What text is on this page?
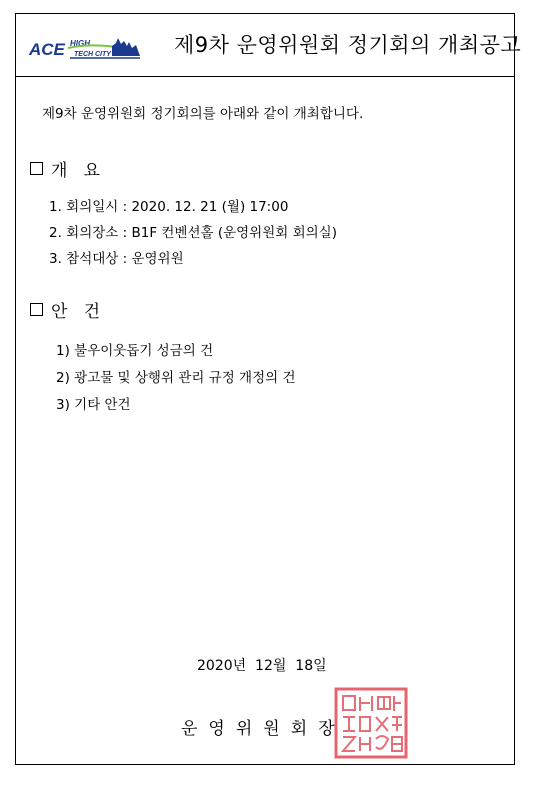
ACE HIGH
TECH CITY	제9차 운영위원회 정기회의 개최공고
제9차 운영위원회 정기회의를 아래와 같이 개최합니다.
개   요
1. 회의일시 : 2020. 12. 21 (월) 17:00
2. 회의장소 : B1F 컨벤션홀 (운영위원회 회의실)
3. 참석대상 : 운영위원
안   건
1) 불우이웃돕기 성금의 건
2) 광고물 및 상행위 관리 규정 개정의 건
3) 기타 안건
2020년  12월  18일
운영위원회장
